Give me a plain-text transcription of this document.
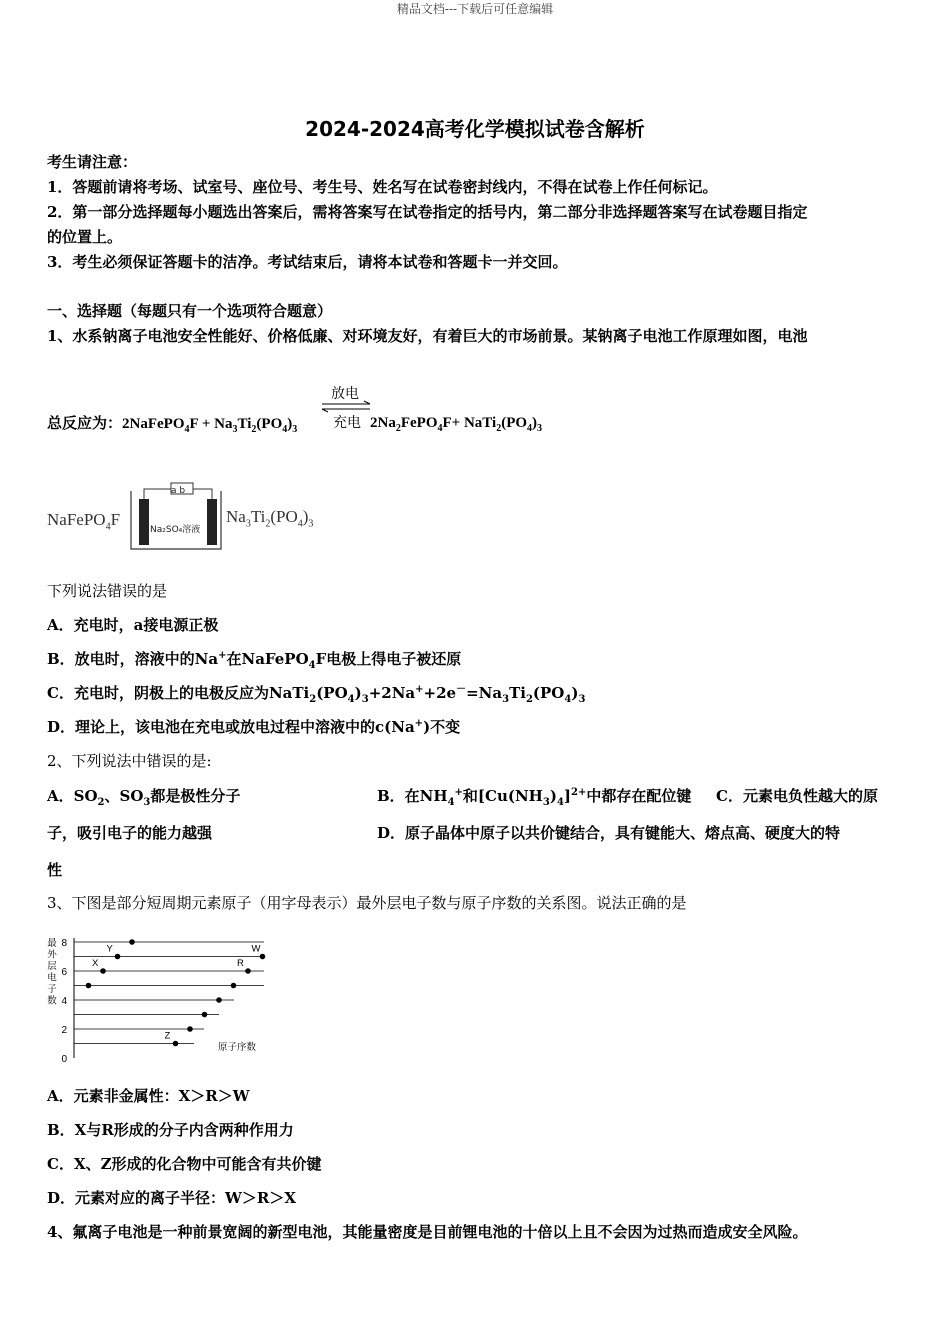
精品文档---下载后可任意编辑
2024-2024高考化学模拟试卷含解析
考生请注意：
1．答题前请将考场、试室号、座位号、考生号、姓名写在试卷密封线内，不得在试卷上作任何标记。
2．第一部分选择题每小题选出答案后，需将答案写在试卷指定的括号内，第二部分非选择题答案写在试卷题目指定
的位置上。
3．考生必须保证答题卡的洁净。考试结束后，请将本试卷和答题卡一并交回。
一、选择题（每题只有一个选项符合题意）
1、水系钠离子电池安全性能好、价格低廉、对环境友好，有着巨大的市场前景。某钠离子电池工作原理如图，电池
总反应为：2NaFePO$_4$F + $Na_3Ti_2(PO_4)_3$
放电
充电 $2Na_2FePO_4F+$ $NaTi_2(PO_4)_3$
NaFePO$_4$F
a b
Na₂SO₄溶液
$Na_3Ti_2(PO_4)_3$
下列说法错误的是
A．充电时，a接电源正极
B．放电时，溶液中的Na+在NaFePO$_4$F电极上得电子被还原
C．充电时，阴极上的电极反应为$NaTi_2(PO_4)_3+2Na^++2e^-=Na_3Ti_2(PO_4)_3$
D．理论上，该电池在充电或放电过程中溶液中的c(Na+)不变
2、下列说法中错误的是:
A．$SO_2$、$SO_3$都是极性分子	B．在$NH_4^+$和$[Cu(NH_3)_4]^{2+}$中都存在配位键 C．元素电负性越大的原
子，吸引电子的能力越强	D．原子晶体中原子以共价键结合，具有键能大、熔点高、硬度大的特
性
3、下图是部分短周期元素原子（用字母表示）最外层电子数与原子序数的关系图。说法正确的是
0
2
4
6
8
最
外
层
电
子
数
原子序数
Z
R
W
X
Y
A．元素非金属性：X＞R＞W
B．X与R形成的分子内含两种作用力
C．X、Z形成的化合物中可能含有共价键
D．元素对应的离子半径：W＞R＞X
4、氟离子电池是一种前景宽阔的新型电池，其能量密度是目前锂电池的十倍以上且不会因为过热而造成安全风险。
